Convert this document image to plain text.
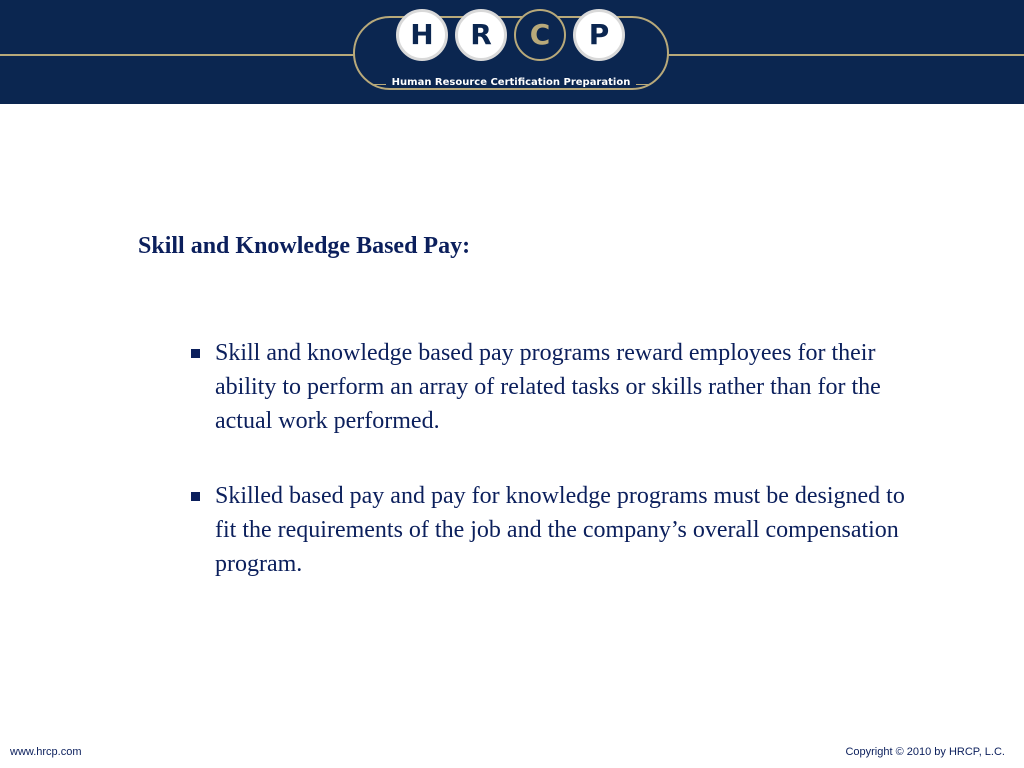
H	R	C	P
Human Resource Certification Preparation
Skill and Knowledge Based Pay:
Skill and knowledge based pay programs reward employees for their ability to perform an array of related tasks or skills rather than for the actual work performed.
Skilled based pay and pay for knowledge programs must be designed to fit the requirements of the job and the company’s overall compensation program.
www.hrcp.com	Copyright © 2010 by HRCP, L.C.
